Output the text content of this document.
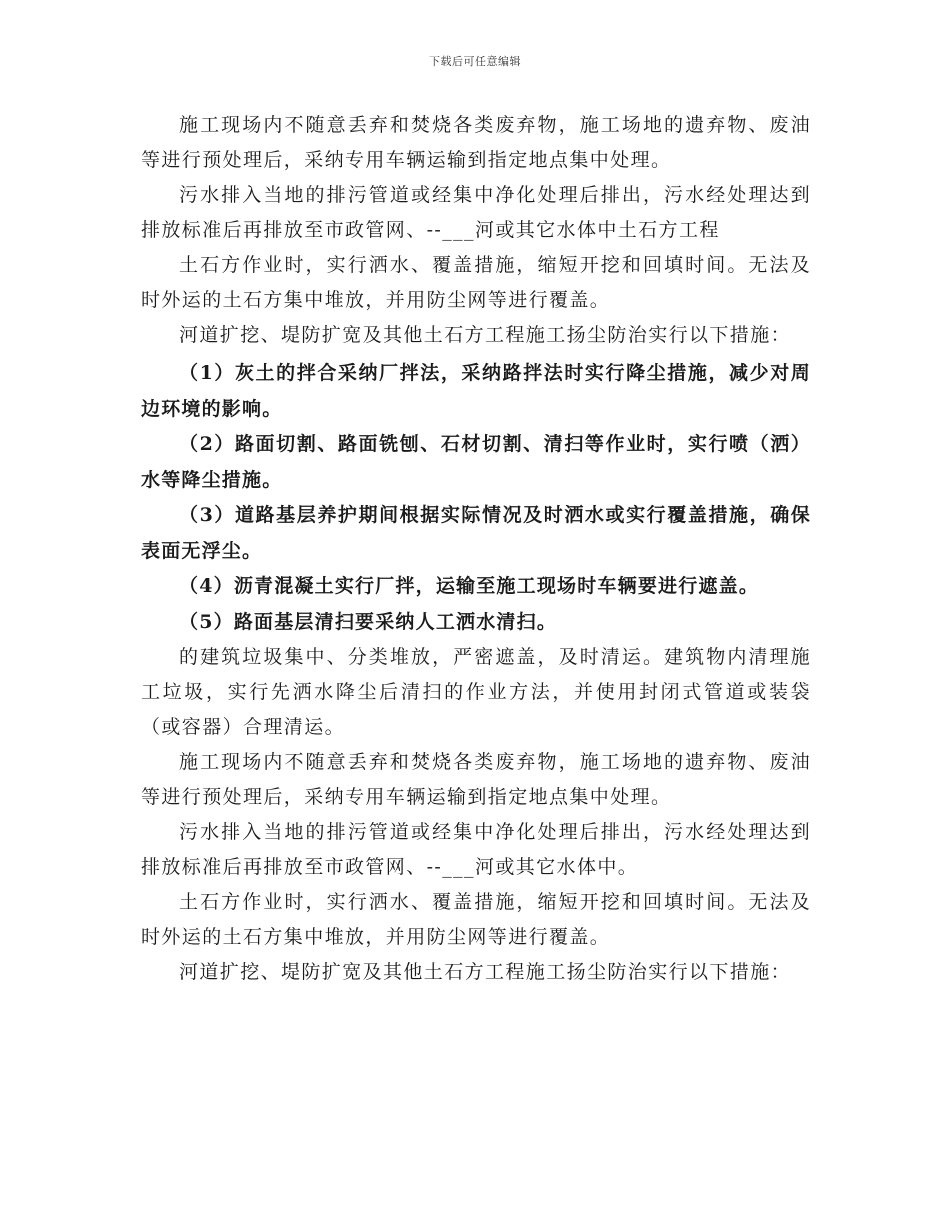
下载后可任意编辑

施工现场内不随意丢弃和焚烧各类废弃物，施工场地的遗弃物、废油等进行预处理后，采纳专用车辆运输到指定地点集中处理。

污水排入当地的排污管道或经集中净化处理后排出，污水经处理达到排放标准后再排放至市政管网、--___河或其它水体中土石方工程

土石方作业时，实行洒水、覆盖措施，缩短开挖和回填时间。无法及时外运的土石方集中堆放，并用防尘网等进行覆盖。

河道扩挖、堤防扩宽及其他土石方工程施工扬尘防治实行以下措施：

（1）灰土的拌合采纳厂拌法，采纳路拌法时实行降尘措施，减少对周边环境的影响。

（2）路面切割、路面铣刨、石材切割、清扫等作业时，实行喷（洒）水等降尘措施。

（3）道路基层养护期间根据实际情况及时洒水或实行覆盖措施，确保表面无浮尘。

（4）沥青混凝土实行厂拌，运输至施工现场时车辆要进行遮盖。

（5）路面基层清扫要采纳人工洒水清扫。

的建筑垃圾集中、分类堆放，严密遮盖，及时清运。建筑物内清理施工垃圾，实行先洒水降尘后清扫的作业方法，并使用封闭式管道或装袋（或容器）合理清运。

施工现场内不随意丢弃和焚烧各类废弃物，施工场地的遗弃物、废油等进行预处理后，采纳专用车辆运输到指定地点集中处理。

污水排入当地的排污管道或经集中净化处理后排出，污水经处理达到排放标准后再排放至市政管网、--___河或其它水体中。

土石方作业时，实行洒水、覆盖措施，缩短开挖和回填时间。无法及时外运的土石方集中堆放，并用防尘网等进行覆盖。

河道扩挖、堤防扩宽及其他土石方工程施工扬尘防治实行以下措施：
